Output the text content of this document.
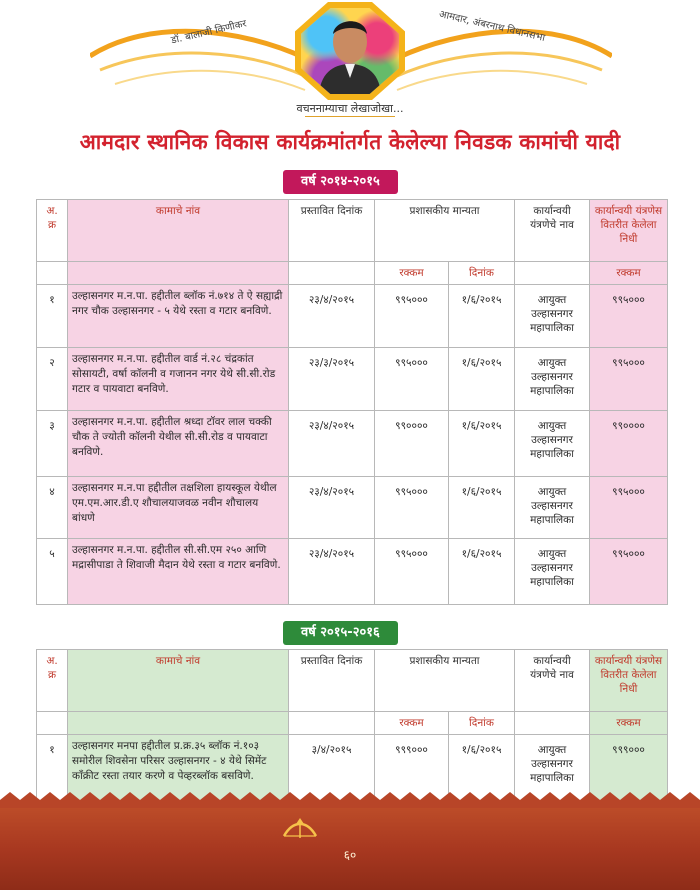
डॉ. बालाजी किणीकर	आमदार, अंबरनाथ विधानसभा
वचननाम्याचा लेखाजोखा...
आमदार स्थानिक विकास कार्यक्रमांतर्गत केलेल्या निवडक कामांची यादी
वर्ष २०१४-२०१५
अ. क्र	कामाचे नांव	प्रस्तावित दिनांक	प्रशासकीय मान्यता		कार्यान्वयी यंत्रणेचे नाव	कार्यान्वयी यंत्रणेस वितरीत केलेला निधी
			रक्कम	दिनांक		रक्कम
१	उल्हासनगर म.न.पा. हद्दीतील ब्लॉक नं.७१४ ते ऐ सह्याद्री नगर चौक उल्हासनगर - ५ येथे रस्ता व गटार बनविणे.	२३/४/२०१५	९९५०००	१/६/२०१५	आयुक्त उल्हासनगर महापालिका	९९५०००
२	उल्हासनगर म.न.पा. हद्दीतील वार्ड नं.२८ चंद्रकांत सोसायटी, वर्षा कॉलनी व गजानन नगर येथे सी.सी.रोड गटार व पायवाटा बनविणे.	२३/३/२०१५	९९५०००	१/६/२०१५	आयुक्त उल्हासनगर महापालिका	९९५०००
३	उल्हासनगर म.न.पा. हद्दीतील श्रध्दा टॉवर लाल चक्की चौक ते ज्योती कॉलनी येथील सी.सी.रोड व पायवाटा बनविणे.	२३/४/२०१५	९९००००	१/६/२०१५	आयुक्त उल्हासनगर महापालिका	९९००००
४	उल्हासनगर म.न.पा हद्दीतील तक्षशिला हायस्कूल येथील एम.एम.आर.डी.ए शौचालयाजवळ नवीन शौचालय बांधणे	२३/४/२०१५	९९५०००	१/६/२०१५	आयुक्त उल्हासनगर महापालिका	९९५०००
५	उल्हासनगर म.न.पा. हद्दीतील सी.सी.एम २५० आणि मद्रासीपाडा ते शिवाजी मैदान येथे रस्ता व गटार बनविणे.	२३/४/२०१५	९९५०००	१/६/२०१५	आयुक्त उल्हासनगर महापालिका	९९५०००
वर्ष २०१५-२०१६
अ. क्र	कामाचे नांव	प्रस्तावित दिनांक	प्रशासकीय मान्यता		कार्यान्वयी यंत्रणेचे नाव	कार्यान्वयी यंत्रणेस वितरीत केलेला निधी
			रक्कम	दिनांक		रक्कम
१	उल्हासनगर मनपा हद्दीतील प्र.क्र.३५ ब्लॉक नं.१०३ समोरील शिवसेना परिसर उल्हासनगर - ४ येथे सिमेंट कॉंक्रीट रस्ता तयार करणे व पेव्हरब्लॉक बसविणे.	३/४/२०१५	९९९०००	१/६/२०१५	आयुक्त उल्हासनगर महापालिका	९९९०००
६०
